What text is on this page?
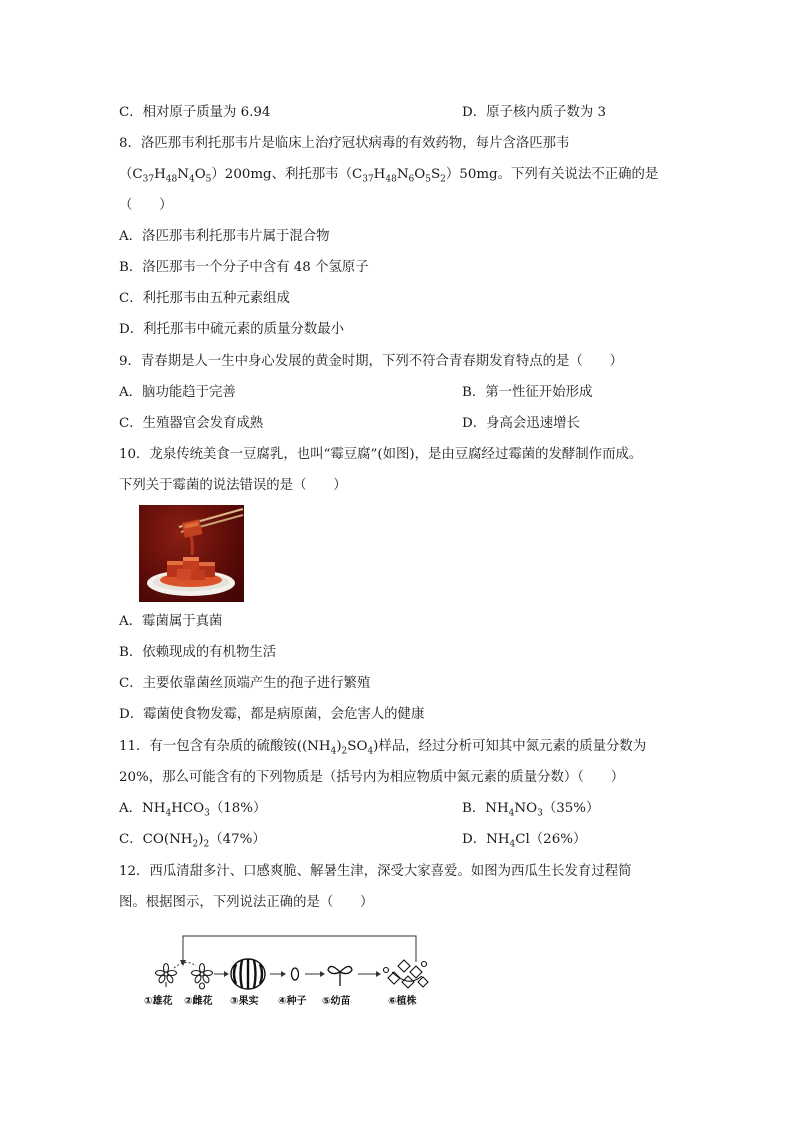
C．相对原子质量为 6.94	D．原子核内质子数为 3
8．洛匹那韦利托那韦片是临床上治疗冠状病毒的有效药物，每片含洛匹那韦
$(C_{37}H_{48}N_4O_5)200mg$、利托那韦$(C_{37}H_{48}N_6O_5S_2)50mg$。下列有关说法不正确的是
（　　）
A．洛匹那韦利托那韦片属于混合物
B．洛匹那韦一个分子中含有 48 个氢原子
C．利托那韦由五种元素组成
D．利托那韦中硫元素的质量分数最小
9．青春期是人一生中身心发展的黄金时期，下列不符合青春期发育特点的是（　　）
A．脑功能趋于完善	B．第一性征开始形成
C．生殖器官会发育成熟	D．身高会迅速增长
10．龙泉传统美食一豆腐乳，也叫“霉豆腐”(如图)，是由豆腐经过霉菌的发酵制作而成。
下列关于霉菌的说法错误的是（　　）
A．霉菌属于真菌
B．依赖现成的有机物生活
C．主要依靠菌丝顶端产生的孢子进行繁殖
D．霉菌使食物发霉，都是病原菌，会危害人的健康
11．有一包含有杂质的硫酸铵$((NH_4)_2SO_4)$样品，经过分析可知其中氮元素的质量分数为
20%，那么可能含有的下列物质是（括号内为相应物质中氮元素的质量分数）（　　）
A．$NH_4HCO_3(18\%)$	B．$NH_4NO_3(35\%)$
C．$CO(NH_2)_2(47\%)$	D．$NH_4Cl(26\%)$
12．西瓜清甜多汁、口感爽脆、解暑生津，深受大家喜爱。如图为西瓜生长发育过程简
图。根据图示，下列说法正确的是（　　）
①雄花 ②雌花 ③果实 ④种子 ⑤幼苗	⑥植株
